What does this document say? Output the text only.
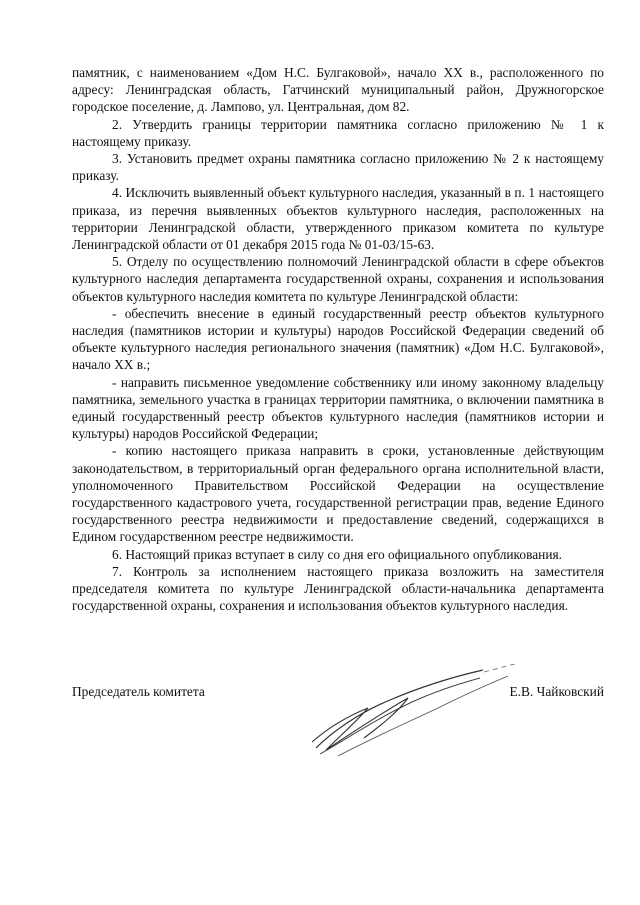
памятник, с наименованием «Дом Н.С. Булгаковой», начало XX в., расположенного по адресу: Ленинградская область, Гатчинский муниципальный район, Дружногорское городское поселение, д. Лампово, ул. Центральная, дом 82.

2. Утвердить границы территории памятника согласно приложению № 1 к настоящему приказу.

3. Установить предмет охраны памятника согласно приложению № 2 к настоящему приказу.

4. Исключить выявленный объект культурного наследия, указанный в п. 1 настоящего приказа, из перечня выявленных объектов культурного наследия, расположенных на территории Ленинградской области, утвержденного приказом комитета по культуре Ленинградской области от 01 декабря 2015 года № 01-03/15-63.

5. Отделу по осуществлению полномочий Ленинградской области в сфере объектов культурного наследия департамента государственной охраны, сохранения и использования объектов культурного наследия комитета по культуре Ленинградской области:

- обеспечить внесение в единый государственный реестр объектов культурного наследия (памятников истории и культуры) народов Российской Федерации сведений об объекте культурного наследия регионального значения (памятник) «Дом Н.С. Булгаковой», начало XX в.;

- направить письменное уведомление собственнику или иному законному владельцу памятника, земельного участка в границах территории памятника, о включении памятника в единый государственный реестр объектов культурного наследия (памятников истории и культуры) народов Российской Федерации;

- копию настоящего приказа направить в сроки, установленные действующим законодательством, в территориальный орган федерального органа исполнительной власти, уполномоченного Правительством Российской Федерации на осуществление государственного кадастрового учета, государственной регистрации прав, ведение Единого государственного реестра недвижимости и предоставление сведений, содержащихся в Едином государственном реестре недвижимости.

6. Настоящий приказ вступает в силу со дня его официального опубликования.

7. Контроль за исполнением настоящего приказа возложить на заместителя председателя комитета по культуре Ленинградской области-начальника департамента государственной охраны, сохранения и использования объектов культурного наследия.

Председатель комитета	Е.В. Чайковский
